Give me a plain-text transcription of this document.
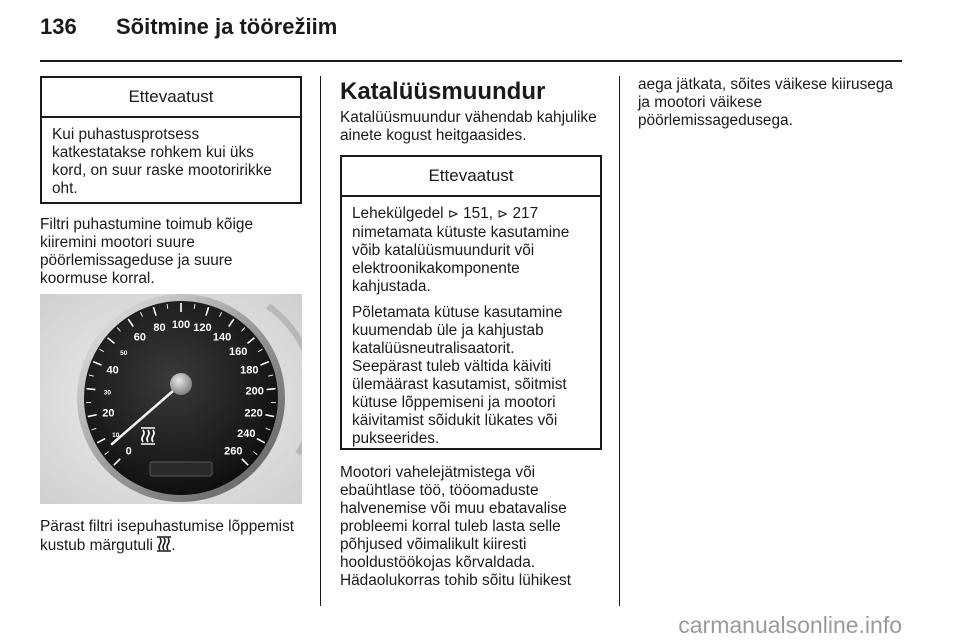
136 Sõitmine ja töörežiim
Ettevaatust

Kui puhastusprotsess katkestatakse rohkem kui üks kord, on suur raske mootoririkke oht.

Filtri puhastumine toimub kõige kiiremini mootori suure pöörlemissageduse ja suure koormuse korral.

0
10
20
30
40
50
60
80 100 120
140
160
180
200
220
240
260

Pärast filtri isepuhastumise lõppemist
kustub märgutuli .

Katalüüsmuundur

Katalüüsmuundur vähendab kahjulike ainete kogust heitgaasides.

Ettevaatust

Lehekülgedel ⊳ 151, ⊳ 217 nimetamata kütuste kasutamine võib katalüüsmuundurit või elektroonikakomponente kahjustada.

Põletamata kütuse kasutamine kuumendab üle ja kahjustab katalüüsneutralisaatorit.

Seepärast tuleb vältida käiviti ülemäärast kasutamist, sõitmist kütuse lõppemiseni ja mootori käivitamist sõidukit lükates või pukseerides.

Mootori vahelejätmistega või ebaühtlase töö, tööomaduste halvenemise või muu ebatavalise probleemi korral tuleb lasta selle põhjused võimalikult kiiresti hooldustöökojas kõrvaldada. Hädaolukorras tohib sõitu lühikest

aega jätkata, sõites väikese kiirusega ja mootori väikese pöörlemissagedusega.

carmanualsonline.info
